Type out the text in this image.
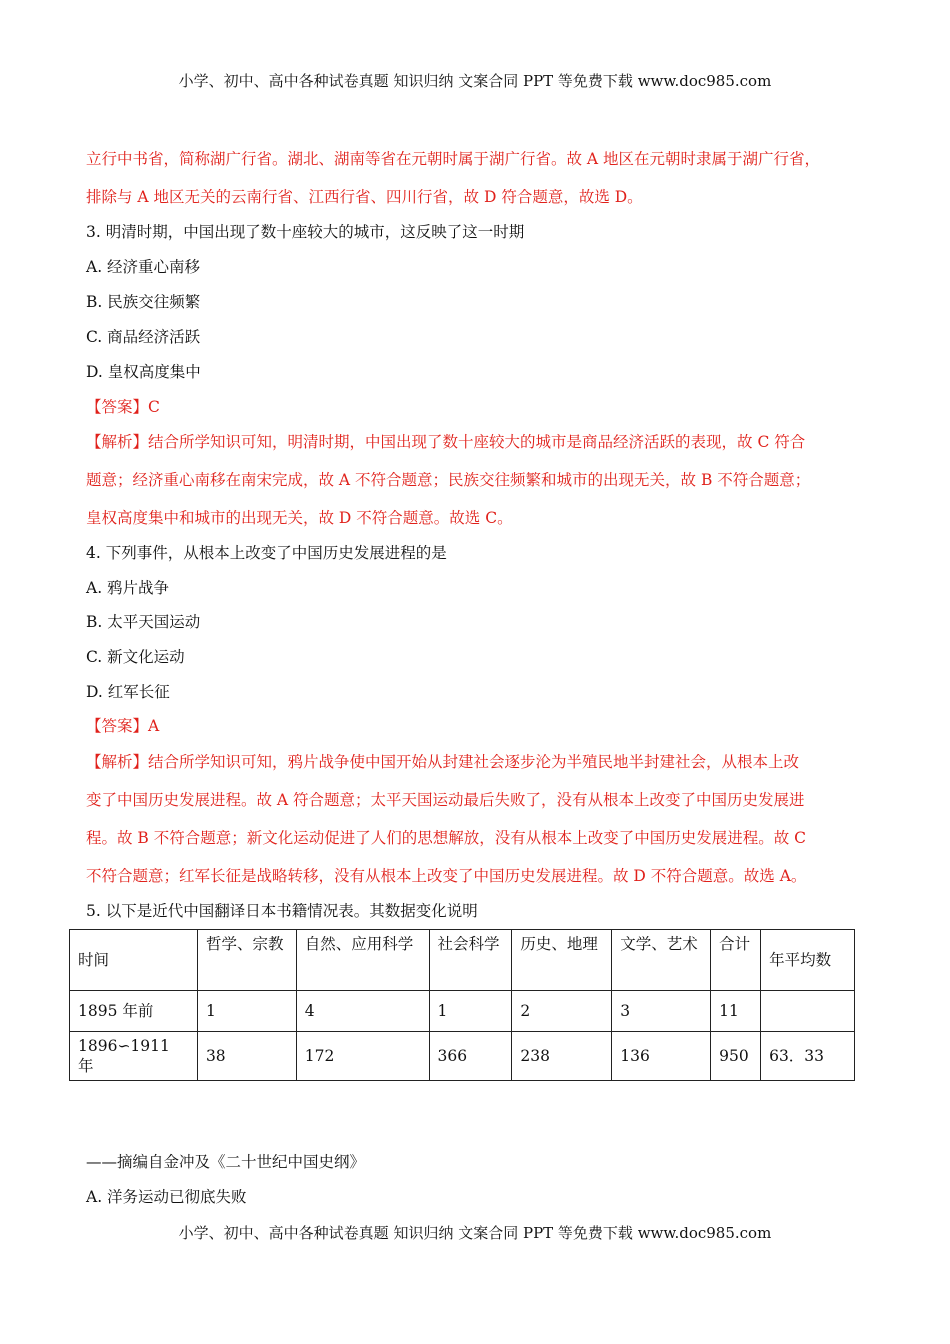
小学、初中、高中各种试卷真题 知识归纳 文案合同 PPT 等免费下载 www.doc985.com
立行中书省，简称湖广行省。湖北、湖南等省在元朝时属于湖广行省。故 A 地区在元朝时隶属于湖广行省，
排除与 A 地区无关的云南行省、江西行省、四川行省，故 D 符合题意，故选 D。
3. 明清时期，中国出现了数十座较大的城市，这反映了这一时期
A. 经济重心南移
B. 民族交往频繁
C. 商品经济活跃
D. 皇权高度集中
【答案】C
【解析】结合所学知识可知，明清时期，中国出现了数十座较大的城市是商品经济活跃的表现，故 C 符合
题意；经济重心南移在南宋完成，故 A 不符合题意；民族交往频繁和城市的出现无关，故 B 不符合题意；
皇权高度集中和城市的出现无关，故 D 不符合题意。故选 C。
4. 下列事件，从根本上改变了中国历史发展进程的是
A. 鸦片战争
B. 太平天国运动
C. 新文化运动
D. 红军长征
【答案】A
【解析】结合所学知识可知，鸦片战争使中国开始从封建社会逐步沦为半殖民地半封建社会，从根本上改
变了中国历史发展进程。故 A 符合题意；太平天国运动最后失败了，没有从根本上改变了中国历史发展进
程。故 B 不符合题意；新文化运动促进了人们的思想解放，没有从根本上改变了中国历史发展进程。故 C
不符合题意；红军长征是战略转移，没有从根本上改变了中国历史发展进程。故 D 不符合题意。故选 A。
5. 以下是近代中国翻译日本书籍情况表。其数据变化说明
时间	哲学、宗教	自然、应用科学	社会科学	历史、地理	文学、艺术	合计	年平均数
1895 年前	1	4	1	2	3	11	
1896∽1911 年	38	172	366	238	136	950	63．33
——摘编自金冲及《二十世纪中国史纲》
A. 洋务运动已彻底失败
小学、初中、高中各种试卷真题 知识归纳 文案合同 PPT 等免费下载 www.doc985.com
